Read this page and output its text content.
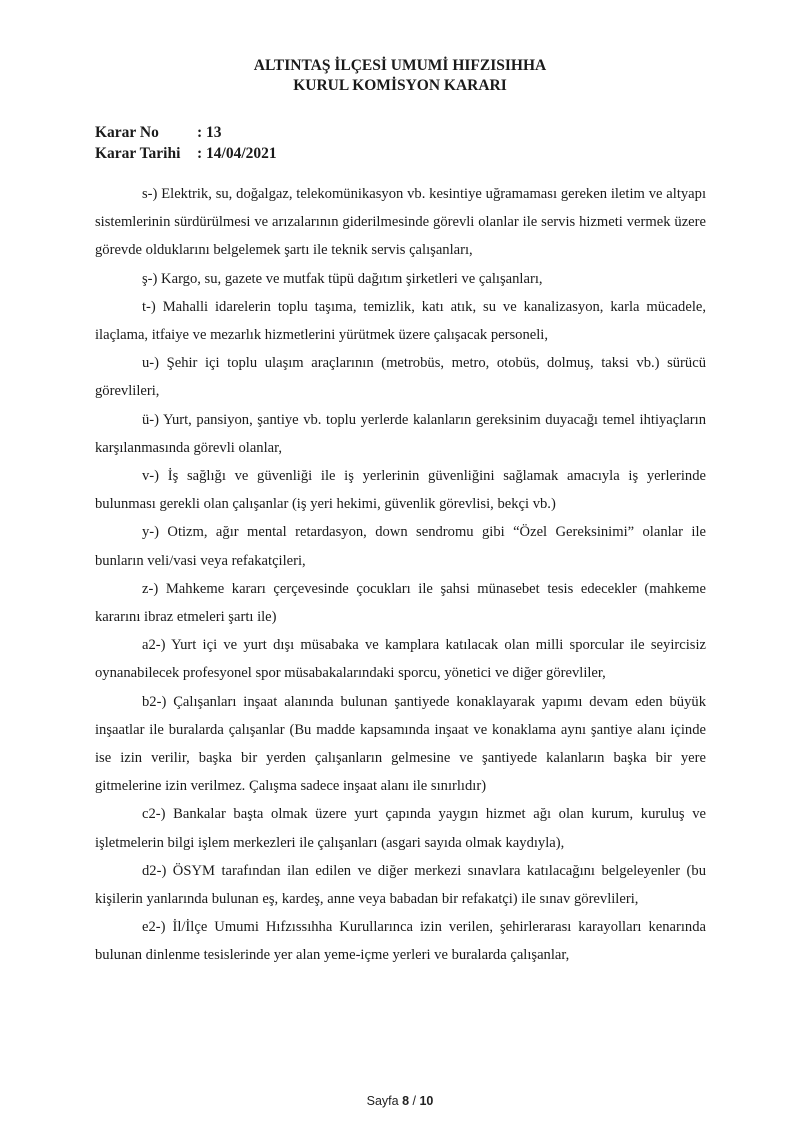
ALTINTAŞ İLÇESİ UMUMİ HIFZISIHHA
KURUL KOMİSYON KARARI
Karar No	: 13
Karar Tarihi	: 14/04/2021

s-) Elektrik, su, doğalgaz, telekomünikasyon vb. kesintiye uğramaması gereken iletim ve altyapı sistemlerinin sürdürülmesi ve arızalarının giderilmesinde görevli olanlar ile servis hizmeti vermek üzere görevde olduklarını belgelemek şartı ile teknik servis çalışanları,

ş-) Kargo, su, gazete ve mutfak tüpü dağıtım şirketleri ve çalışanları,

t-) Mahalli idarelerin toplu taşıma, temizlik, katı atık, su ve kanalizasyon, karla mücadele, ilaçlama, itfaiye ve mezarlık hizmetlerini yürütmek üzere çalışacak personeli,

u-) Şehir içi toplu ulaşım araçlarının (metrobüs, metro, otobüs, dolmuş, taksi vb.) sürücü görevlileri,

ü-) Yurt, pansiyon, şantiye vb. toplu yerlerde kalanların gereksinim duyacağı temel ihtiyaçların karşılanmasında görevli olanlar,

v-) İş sağlığı ve güvenliği ile iş yerlerinin güvenliğini sağlamak amacıyla iş yerlerinde bulunması gerekli olan çalışanlar (iş yeri hekimi, güvenlik görevlisi, bekçi vb.)

y-) Otizm, ağır mental retardasyon, down sendromu gibi “Özel Gereksinimi” olanlar ile bunların veli/vasi veya refakatçileri,

z-) Mahkeme kararı çerçevesinde çocukları ile şahsi münasebet tesis edecekler (mahkeme kararını ibraz etmeleri şartı ile)

a2-) Yurt içi ve yurt dışı müsabaka ve kamplara katılacak olan milli sporcular ile seyircisiz oynanabilecek profesyonel spor müsabakalarındaki sporcu, yönetici ve diğer görevliler,

b2-) Çalışanları inşaat alanında bulunan şantiyede konaklayarak yapımı devam eden büyük inşaatlar ile buralarda çalışanlar (Bu madde kapsamında inşaat ve konaklama aynı şantiye alanı içinde ise izin verilir, başka bir yerden çalışanların gelmesine ve şantiyede kalanların başka bir yere gitmelerine izin verilmez. Çalışma sadece inşaat alanı ile sınırlıdır)

c2-) Bankalar başta olmak üzere yurt çapında yaygın hizmet ağı olan kurum, kuruluş ve işletmelerin bilgi işlem merkezleri ile çalışanları (asgari sayıda olmak kaydıyla),

d2-) ÖSYM tarafından ilan edilen ve diğer merkezi sınavlara katılacağını belgeleyenler (bu kişilerin yanlarında bulunan eş, kardeş, anne veya babadan bir refakatçi) ile sınav görevlileri,

e2-) İl/İlçe Umumi Hıfzıssıhha Kurullarınca izin verilen, şehirlerarası karayolları kenarında bulunan dinlenme tesislerinde yer alan yeme-içme yerleri ve buralarda çalışanlar,

Sayfa 8 / 10
